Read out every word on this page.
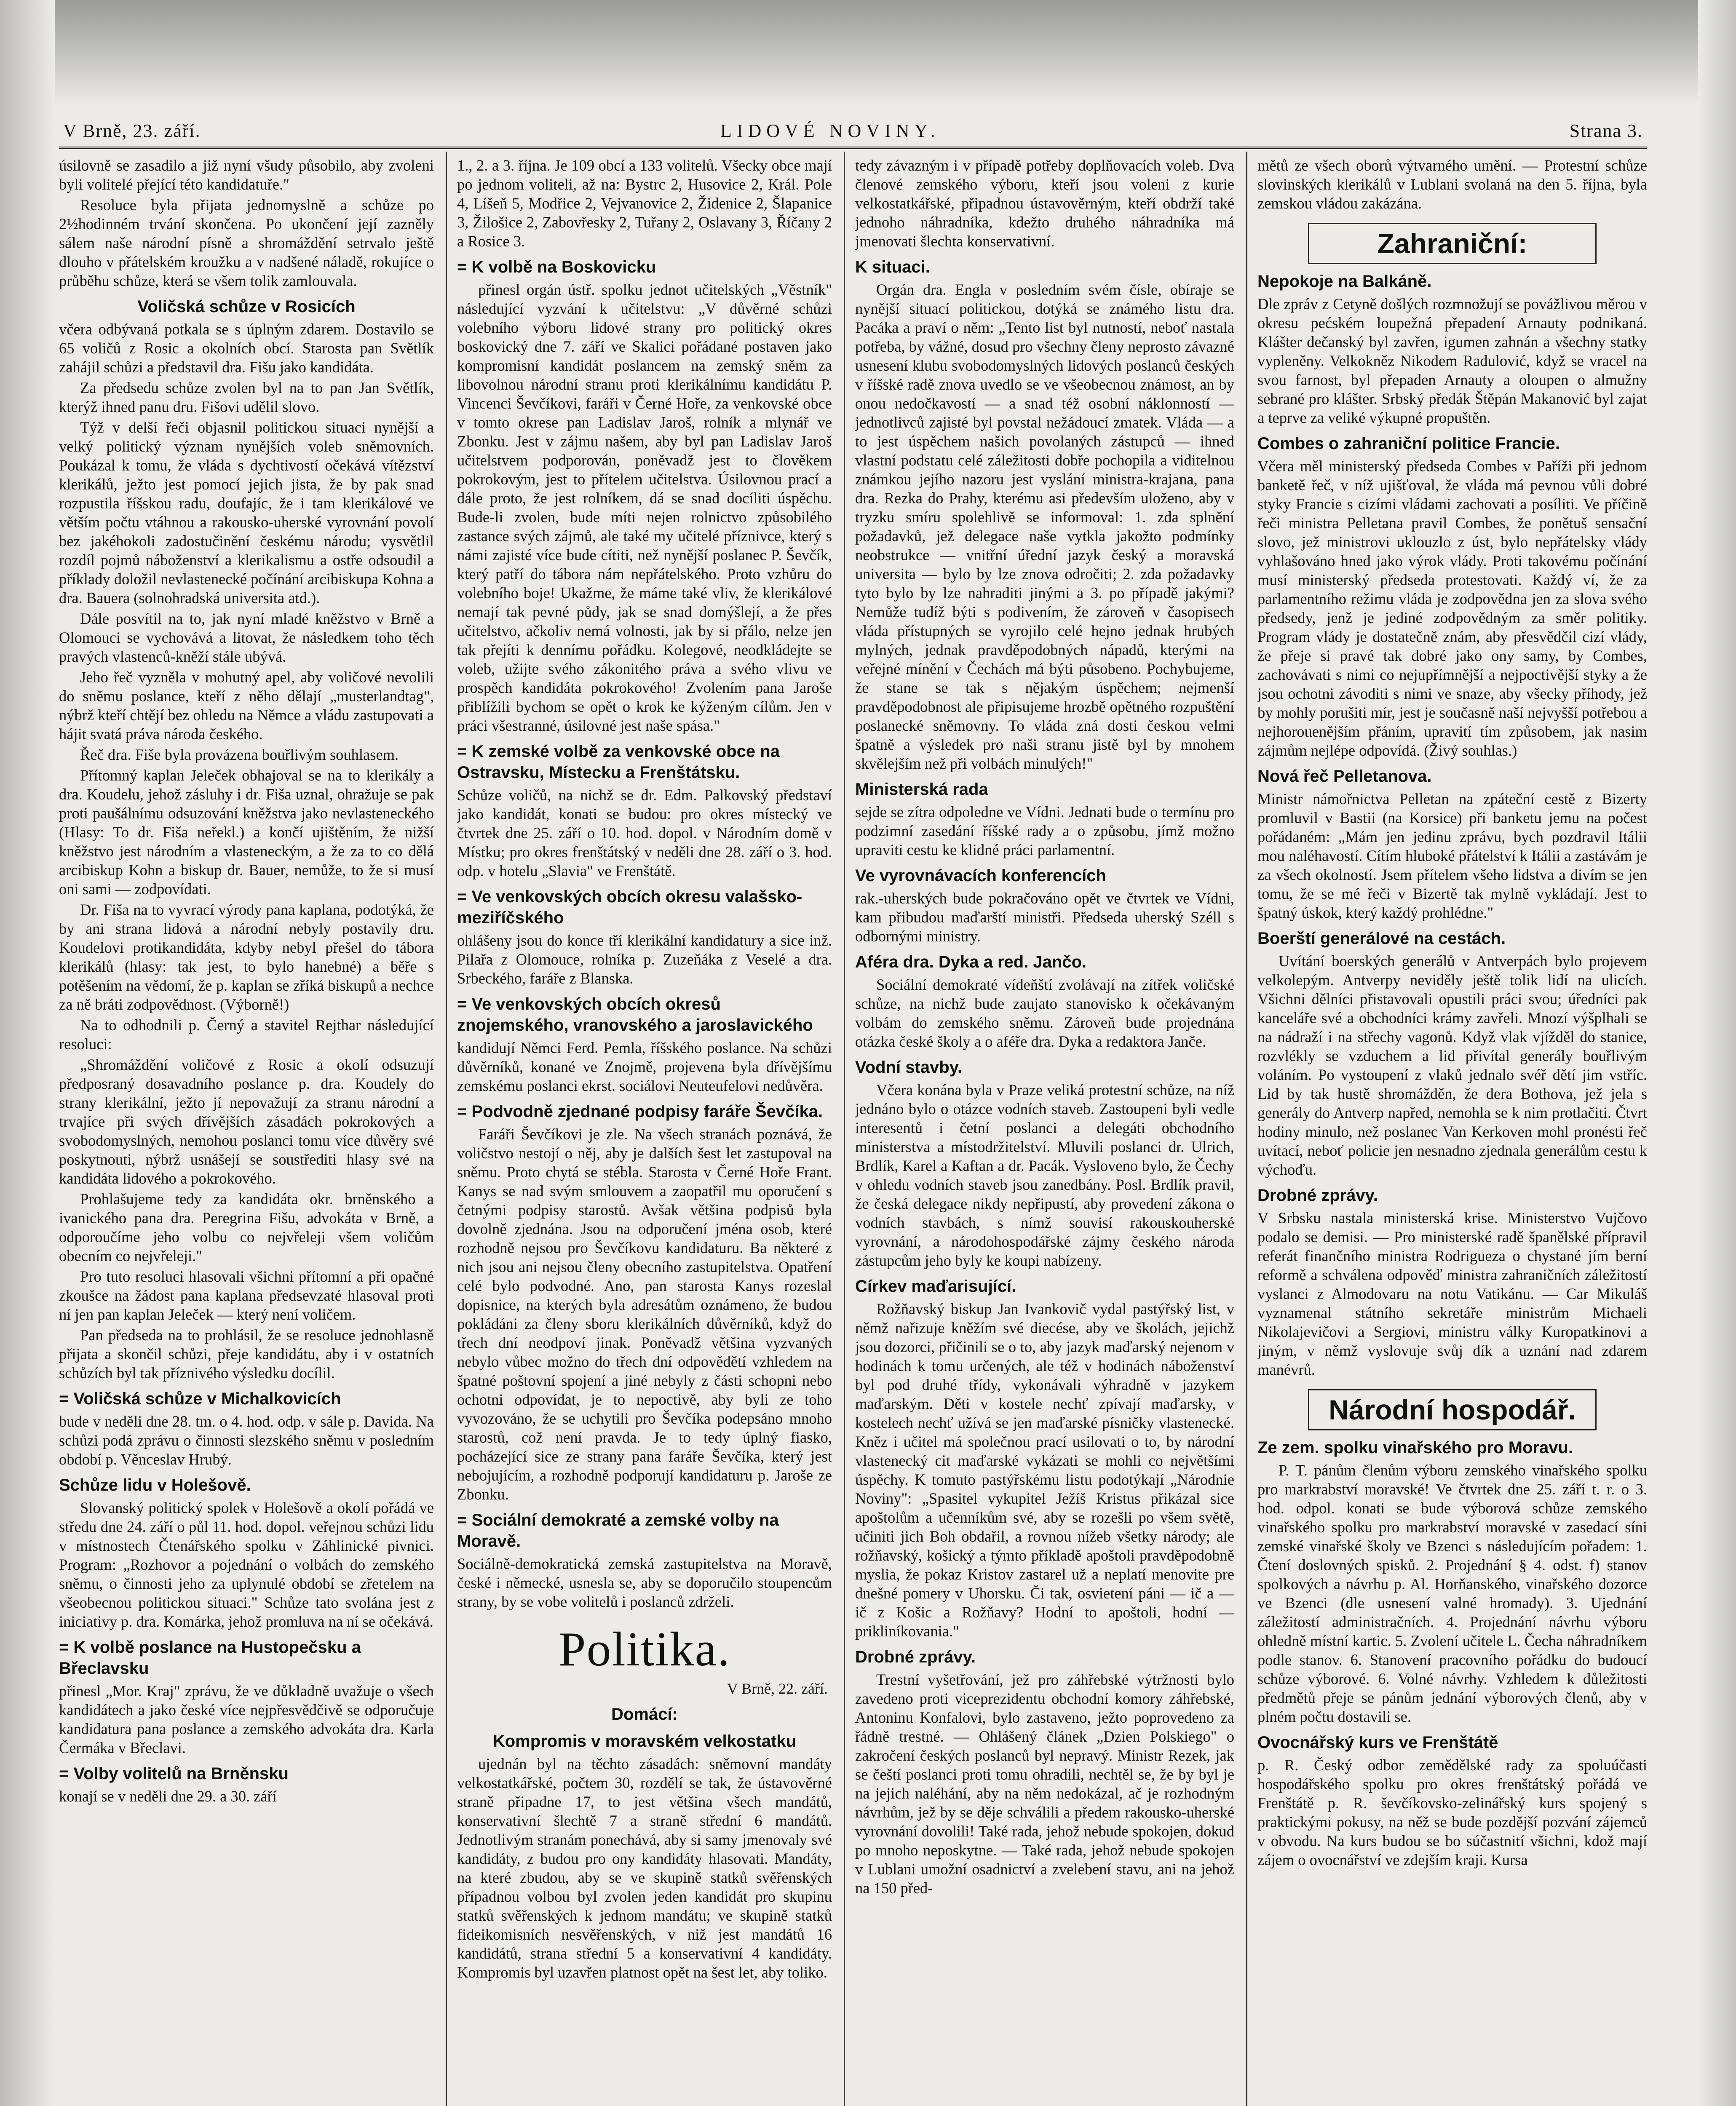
V Brně, 23. září.	LIDOVÉ NOVINY.	Strana 3.
úsilovně se zasadilo a již nyní všudy působilo, aby zvoleni byli volitelé přející této kandidatuře."
Resoluce byla přijata jednomyslně a schůze po 2½hodinném trvání skončena. Po ukončení její zazněly sálem naše národní písně a shromáždění setrvalo ještě dlouho v přátelském kroužku a v nadšené náladě, rokujíce o průběhu schůze, která se všem tolik zamlouvala.
Voličská schůze v Rosicích
včera odbývaná potkala se s úplným zdarem. Dostavilo se 65 voličů z Rosic a okolních obcí. Starosta pan Světlík zahájil schůzi a představil dra. Fišu jako kandidáta.
Za předsedu schůze zvolen byl na to pan Jan Světlík, kterýž ihned panu dru. Fišovi udělil slovo.
Týž v delší řeči objasnil politickou situaci nynější a velký politický význam nynějších voleb sněmovních. Poukázal k tomu, že vláda s dychtivostí očekává vítězství klerikálů, ježto jest pomocí jejich jista, že by pak snad rozpustila říšskou radu, doufajíc, že i tam klerikálové ve větším počtu vtáhnou a rakousko-uherské vyrovnání povolí bez jakéhokoli zadostučinění českému národu; vysvětlil rozdíl pojmů náboženství a klerikalismu a ostře odsoudil a příklady doložil nevlastenecké počínání arcibiskupa Kohna a dra. Bauera (solnohradská universita atd.).
Dále posvítil na to, jak nyní mladé kněžstvo v Brně a Olomouci se vychovává a litovat, že následkem toho těch pravých vlastenců-kněží stále ubývá.
Jeho řeč vyzněla v mohutný apel, aby voličové nevolili do sněmu poslance, kteří z něho dělají „musterlandtag", nýbrž kteří chtějí bez ohledu na Němce a vládu zastupovati a hájit svatá práva národa českého.
Řeč dra. Fiše byla provázena bouřlivým souhlasem.
Přítomný kaplan Jeleček obhajoval se na to klerikály a dra. Koudelu, jehož zásluhy i dr. Fiša uznal, ohražuje se pak proti paušálnímu odsuzování kněžstva jako nevlasteneckého (Hlasy: To dr. Fiša neřekl.) a končí ujištěním, že nižší kněžstvo jest národním a vlasteneckým, a že za to co dělá arcibiskup Kohn a biskup dr. Bauer, nemůže, to že si musí oni sami — zodpovídati.
Dr. Fiša na to vyvrací výrody pana kaplana, podotýká, že by ani strana lidová a národní nebyly postavily dru. Koudelovi protikandidáta, kdyby nebyl přešel do tábora klerikálů (hlasy: tak jest, to bylo hanebné) a běře s potěšením na vědomí, že p. kaplan se zříká biskupů a nechce za ně bráti zodpovědnost. (Výborně!)
Na to odhodnili p. Černý a stavitel Rejthar následující resoluci:
„Shromáždění voličové z Rosic a okolí odsuzují předposraný dosavadního poslance p. dra. Koudely do strany klerikální, ježto jí nepovažují za stranu národní a trvajíce při svých dřívějších zásadách pokrokových a svobodomyslných, nemohou poslanci tomu více důvěry své poskytnouti, nýbrž usnášejí se soustřediti hlasy své na kandidáta lidového a pokrokového.
Prohlašujeme tedy za kandidáta okr. brněnského a ivanického pana dra. Peregrina Fišu, advokáta v Brně, a odporoučíme jeho volbu co nejvřeleji všem voličům obecním co nejvřeleji."
Pro tuto resoluci hlasovali všichni přítomní a při opačné zkoušce na žádost pana kaplana předsevzaté hlasoval proti ní jen pan kaplan Jeleček — který není voličem.
Pan předseda na to prohlásil, že se resoluce jednohlasně přijata a skončil schůzi, přeje kandidátu, aby i v ostatních schůzích byl tak příznivého výsledku docílil.
= Voličská schůze v Michalkovicích
bude v neděli dne 28. tm. o 4. hod. odp. v sále p. Davida. Na schůzi podá zprávu o činnosti slezského sněmu v posledním období p. Věnceslav Hrubý.
Schůze lidu v Holešově.
Slovanský politický spolek v Holešově a okolí pořádá ve středu dne 24. září o půl 11. hod. dopol. veřejnou schůzi lidu v místnostech Čtenářského spolku v Záhlinické pivnici. Program: „Rozhovor a pojednání o volbách do zemského sněmu, o činnosti jeho za uplynulé období se zřetelem na všeobecnou politickou situaci." Schůze tato svolána jest z iniciativy p. dra. Komárka, jehož promluva na ní se očekává.
= K volbě poslance na Hustopečsku a Břeclavsku
přinesl „Mor. Kraj" zprávu, že ve důkladně uvažuje o všech kandidátech a jako české více nejpřesvědčivě se odporučuje kandidatura pana poslance a zemského advokáta dra. Karla Čermáka v Břeclavi.
= Volby volitelů na Brněnsku
konají se v neděli dne 29. a 30. září
1., 2. a 3. října. Je 109 obcí a 133 volitelů. Všecky obce mají po jednom voliteli, až na: Bystrc 2, Husovice 2, Král. Pole 4, Líšeň 5, Modřice 2, Vejvanovice 2, Židenice 2, Šlapanice 3, Žilošice 2, Zabovřesky 2, Tuřany 2, Oslavany 3, Říčany 2 a Rosice 3.
= K volbě na Boskovicku
přinesl orgán ústř. spolku jednot učitelských „Věstník" následující vyzvání k učitelstvu: „V důvěrné schůzi volebního výboru lidové strany pro politický okres boskovický dne 7. září ve Skalici pořádané postaven jako kompromisní kandidát poslancem na zemský sněm za libovolnou národní stranu proti klerikálnímu kandidátu P. Vincenci Ševčíkovi, faráři v Černé Hoře, za venkovské obce v tomto okrese pan Ladislav Jaroš, rolník a mlynář ve Zbonku. Jest v zájmu našem, aby byl pan Ladislav Jaroš učitelstvem podporován, poněvadž jest to člověkem pokrokovým, jest to přítelem učitelstva. Úsilovnou prací a dále proto, že jest rolníkem, dá se snad docíliti úspěchu. Bude-li zvolen, bude míti nejen rolnictvo způsobilého zastance svých zájmů, ale také my učitelé příznivce, který s námi zajisté více bude cítiti, než nynější poslanec P. Ševčík, který patří do tábora nám nepřátelského. Proto vzhůru do volebního boje! Ukažme, že máme také vliv, že klerikálové nemají tak pevné půdy, jak se snad domýšlejí, a že přes učitelstvo, ačkoliv nemá volnosti, jak by si přálo, nelze jen tak přejíti k dennímu pořádku. Kolegové, neodkládejte se voleb, užijte svého zákonitého práva a svého vlivu ve prospěch kandidáta pokrokového! Zvolením pana Jaroše přiblížili bychom se opět o krok ke kýženým cílům. Jen v práci všestranné, úsilovné jest naše spása."
= K zemské volbě za venkovské obce na Ostravsku, Místecku a Frenštátsku.
Schůze voličů, na nichž se dr. Edm. Palkovský představí jako kandidát, konati se budou: pro okres místecký ve čtvrtek dne 25. září o 10. hod. dopol. v Národním domě v Místku; pro okres frenštátský v neděli dne 28. září o 3. hod. odp. v hotelu „Slavia" ve Frenštátě.
= Ve venkovských obcích okresu valašsko-meziříčského
ohlášeny jsou do konce tří klerikální kandidatury a sice inž. Pilařa z Olomouce, rolníka p. Zuzeňáka z Veselé a dra. Srbeckého, faráře z Blanska.
= Ve venkovských obcích okresů znojemského, vranovského a jaroslavického
kandidují Němci Ferd. Pemla, říšského poslance. Na schůzi důvěrníků, konané ve Znojmě, projevena byla dřívějšímu zemskému poslanci ekrst. sociálovi Neuteufelovi nedůvěra.
= Podvodně zjednané podpisy faráře Ševčíka.
Faráři Ševčíkovi je zle. Na všech stranách poznává, že voličstvo nestojí o něj, aby je dalších šest let zastupoval na sněmu. Proto chytá se stébla. Starosta v Černé Hoře Frant. Kanys se nad svým smlouvem a zaopatřil mu oporučení s četnými podpisy starostů. Avšak většina podpisů byla dovolně zjednána. Jsou na odporučení jména osob, které rozhodně nejsou pro Ševčíkovu kandidaturu. Ba některé z nich jsou ani nejsou členy obecního zastupitelstva. Opatření celé bylo podvodné. Ano, pan starosta Kanys rozeslal dopisnice, na kterých byla adresátům oznámeno, že budou pokládáni za členy sboru klerikálních důvěrníků, když do třech dní neodpoví jinak. Poněvadž většina vyzvaných nebylo vůbec možno do třech dní odpovědětí vzhledem na špatné poštovní spojení a jiné nebyly z části schopni nebo ochotni odpovídat, je to nepoctivě, aby byli ze toho vyvozováno, že se uchytili pro Ševčíka podepsáno mnoho starostů, což není pravda. Je to tedy úplný fiasko, pocházející sice ze strany pana faráře Ševčíka, který jest nebojujícím, a rozhodně podporují kandidaturu p. Jaroše ze Zbonku.
= Sociální demokraté a zemské volby na Moravě.
Sociálně-demokratická zemská zastupitelstva na Moravě, české i německé, usnesla se, aby se doporučilo stoupencům strany, by se vobe volitelů i poslanců zdrželi.
Politika.
V Brně, 22. září.
Domácí:
Kompromis v moravském velkostatku
ujednán byl na těchto zásadách: sněmovní mandáty velkostatkářské, počtem 30, rozdělí se tak, že ústavověrné straně připadne 17, to jest většina všech mandátů, konservativní šlechtě 7 a straně střední 6 mandátů. Jednotlivým stranám ponechává, aby si samy jmenovaly své kandidáty, z budou pro ony kandidáty hlasovati. Mandáty, na které zbudou, aby se ve skupině statků svěřenských případnou volbou byl zvolen jeden kandidát pro skupinu statků svěřenských k jednom mandátu; ve skupině statků fideikomisních nesvěřenských, v niž jest mandátů 16 kandidátů, strana střední 5 a konservativní 4 kandidáty. Kompromis byl uzavřen platnost opět na šest let, aby toliko.
tedy závazným i v případě potřeby doplňovacích voleb. Dva členové zemského výboru, kteří jsou voleni z kurie velkostatkářské, připadnou ústavověrným, kteří obdrží také jednoho náhradníka, kdežto druhého náhradníka má jmenovati šlechta konservativní.
K situaci.
Orgán dra. Engla v posledním svém čísle, obíraje se nynější situací politickou, dotýká se známého listu dra. Pacáka a praví o něm: „Tento list byl nutností, neboť nastala potřeba, by vážné, dosud pro všechny členy neprosto závazné usnesení klubu svobodomyslných lidových poslanců českých v říšské radě znova uvedlo se ve všeobecnou známost, an by onou nedočkavostí — a snad též osobní náklonností — jednotlivců zajisté byl povstal nežádoucí zmatek. Vláda — a to jest úspěchem našich povolaných zástupců — ihned vlastní podstatu celé záležitosti dobře pochopila a viditelnou známkou jejího nazoru jest vyslání ministra-krajana, pana dra. Rezka do Prahy, kterému asi především uloženo, aby v tryzku smíru spolehlivě se informoval: 1. zda splnění požadavků, jež delegace naše vytkla jakožto podmínky neobstrukce — vnitřní úřední jazyk český a moravská universita — bylo by lze znova odročiti; 2. zda požadavky tyto bylo by lze nahraditi jinými a 3. po případě jakými? Nemůže tudíž býti s podivením, že zároveň v časopisech vláda přístupných se vyrojilo celé hejno jednak hrubých mylných, jednak pravděpodobných nápadů, kterými na veřejné mínění v Čechách má býti působeno. Pochybujeme, že stane se tak s nějakým úspěchem; nejmenší pravděpodobnost ale připisujeme hrozbě opětného rozpuštění poslanecké sněmovny. To vláda zná dosti českou velmi špatně a výsledek pro naši stranu jistě byl by mnohem skvělejším než při volbách minulých!"
Ministerská rada
sejde se zítra odpoledne ve Vídni. Jednati bude o termínu pro podzimní zasedání říšské rady a o způsobu, jímž možno upraviti cestu ke klidné práci parlamentní.
Ve vyrovnávacích konferencích
rak.-uherských bude pokračováno opět ve čtvrtek ve Vídni, kam přibudou maďarští ministři. Předseda uherský Széll s odbornými ministry.
Aféra dra. Dyka a red. Jančo.
Sociální demokraté vídeňští zvolávají na zítřek voličské schůze, na nichž bude zaujato stanovisko k očekávaným volbám do zemského sněmu. Zároveň bude projednána otázka české školy a o aféře dra. Dyka a redaktora Janče.
Vodní stavby.
Včera konána byla v Praze veliká protestní schůze, na níž jednáno bylo o otázce vodních staveb. Zastoupeni byli vedle interesentů i četní poslanci a delegáti obchodního ministerstva a místodržitelství. Mluvili poslanci dr. Ulrich, Brdlík, Karel a Kaftan a dr. Pacák. Vysloveno bylo, že Čechy v ohledu vodních staveb jsou zanedbány. Posl. Brdlík pravil, že česká delegace nikdy nepřipustí, aby provedení zákona o vodních stavbách, s nímž souvisí rakouskouherské vyrovnání, a národohospodářské zájmy českého národa zástupcům jeho byly ke koupi nabízeny.
Církev maďarisující.
Rožňavský biskup Jan Ivankovič vydal pastýřský list, v němž nařizuje kněžím své diecése, aby ve školách, jejichž jsou dozorci, přičinili se o to, aby jazyk maďarský nejenom v hodinách k tomu určených, ale též v hodinách náboženství byl pod druhé třídy, vykonávali výhradně v jazykem maďarským. Děti v kostele nechť zpívají maďarsky, v kostelech nechť užívá se jen maďarské písničky vlastenecké. Kněz i učitel má společnou prací usilovati o to, by národní vlastenecký cit maďarské vykázati se mohli co největšími úspěchy. K tomuto pastýřskému listu podotýkají „Národnie Noviny": „Spasitel vykupitel Ježíš Kristus přikázal sice apoštolům a učenníkům své, aby se rozešli po všem světě, učiniti jich Boh obdařil, a rovnou nížeb všetky národy; ale rožňavský, košický a týmto příkladě apoštoli pravděpodobně myslia, že pokaz Kristov zastarel už a neplatí menovite pre dnešné pomery v Uhorsku. Či tak, osvietení páni — ič a — ič z Košic a Rožňavy? Hodní to apoštoli, hodní — prikliníkovania."
Drobné zprávy.
Trestní vyšetřování, jež pro záhřebské výtržnosti bylo zavedeno proti viceprezidentu obchodní komory záhřebské, Antoninu Konfalovi, bylo zastaveno, ježto poprovedeno za řádně trestné. — Ohlášený článek „Dzien Polskiego" o zakročení českých poslanců byl nepravý. Ministr Rezek, jak se čeští poslanci proti tomu ohradili, nechtěl se, že by byl je na jejich naléhání, aby na něm nedokázal, ač je rozhodným návrhům, jež by se děje schválili a předem rakousko-uherské vyrovnání dovolili! Také rada, jehož nebude spokojen, dokud po mnoho neposkytne. — Také rada, jehož nebude spokojen v Lublani umožní osadnictví a zvelebení stavu, ani na jehož na 150 před-
mětů ze všech oborů výtvarného umění. — Protestní schůze slovinských klerikálů v Lublani svolaná na den 5. října, byla zemskou vládou zakázána.
Zahraniční:
Nepokoje na Balkáně.
Dle zpráv z Cetyně došlých rozmnožují se povážlivou měrou v okresu pećském loupežná přepadení Arnauty podnikaná. Klášter dečanský byl zavřen, igumen zahnán a všechny statky vypleněny. Velkokněz Nikodem Radulović, když se vracel na svou farnost, byl přepaden Arnauty a oloupen o almužny sebrané pro klášter. Srbský předák Štěpán Makanović byl zajat a teprve za veliké výkupné propuštěn.
Combes o zahraniční politice Francie.
Včera měl ministerský předseda Combes v Paříži při jednom banketě řeč, v níž ujišťoval, že vláda má pevnou vůli dobré styky Francie s cizími vládami zachovati a posíliti. Ve příčině řeči ministra Pelletana pravil Combes, že ponětuš sensační slovo, jež ministrovi uklouzlo z úst, bylo nepřátelsky vlády vyhlašováno hned jako výrok vlády. Proti takovému počínání musí ministerský předseda protestovati. Každý ví, že za parlamentního režimu vláda je zodpovědna jen za slova svého předsedy, jenž je jediné zodpovědným za směr politiky. Program vlády je dostatečně znám, aby přesvědčil cizí vlády, že přeje si pravé tak dobré jako ony samy, by Combes, zachovávati s nimi co nejupřímnější a nejpoctivější styky a že jsou ochotni závoditi s nimi ve snaze, aby všecky příhody, jež by mohly porušiti mír, jest je současně naší nejvyšší potřebou a nejhorouenějším přáním, upravití tím způsobem, jak nasim zájmům nejlépe odpovídá. (Živý souhlas.)
Nová řeč Pelletanova.
Ministr námořnictva Pelletan na zpáteční cestě z Bizerty promluvil v Bastii (na Korsice) při banketu jemu na počest pořádaném: „Mám jen jedinu zprávu, bych pozdravil Itálii mou naléhavostí. Cítím hluboké přátelství k Itálii a zastávám je za všech okolností. Jsem přítelem všeho lidstva a divím se jen tomu, že se mé řeči v Bizertě tak mylně vykládají. Jest to špatný úskok, který každý prohlédne."
Boerští generálové na cestách.
Uvítání boerských generálů v Antverpách bylo projevem velkolepým. Antverpy neviděly ještě tolik lidí na ulicích. Všichni dělníci přistavovali opustili práci svou; úředníci pak kanceláře své a obchodníci krámy zavřeli. Mnozí výšplhali se na nádraží i na střechy vagonů. Když vlak vjížděl do stanice, rozvlékly se vzduchem a lid přivítal generály bouřlivým voláním. Po vystoupení z vlaků jednalo svéř dětí jim vstříc. Lid by tak hustě shromážděn, že dera Bothova, jež jela s generály do Antverp napřed, nemohla se k nim protlačiti. Čtvrt hodiny minulo, než poslanec Van Kerkoven mohl pronésti řeč uvítací, neboť policie jen nesnadno zjednala generálům cestu k výchoďu.
Drobné zprávy.
V Srbsku nastala ministerská krise. Ministerstvo Vujčovo podalo se demisi. — Pro ministerské radě španělské přípravil referát finančního ministra Rodrigueza o chystané jím berní reformě a schválena odpověď ministra zahraničních záležitostí vyslanci z Almodovaru na notu Vatikánu. — Car Mikuláš vyznamenal státního sekretáře ministrům Michaeli Nikolajevičovi a Sergiovi, ministru války Kuropatkinovi a jiným, v němž vyslovuje svůj dík a uznání nad zdarem manévrů.
Národní hospodář.
Ze zem. spolku vinařského pro Moravu.
P. T. pánům členům výboru zemského vinařského spolku pro markrabství moravské! Ve čtvrtek dne 25. září t. r. o 3. hod. odpol. konati se bude výborová schůze zemského vinařského spolku pro markrabství moravské v zasedací síni zemské vinařské školy ve Bzenci s následujícím pořadem: 1. Čtení doslovných spisků. 2. Projednání § 4. odst. f) stanov spolkových a návrhu p. Al. Horňanského, vinařského dozorce ve Bzenci (dle usnesení valné hromady). 3. Ujednání záležitostí administračních. 4. Projednání návrhu výboru ohledně místní kartic. 5. Zvolení učitele L. Čecha náhradníkem podle stanov. 6. Stanovení pracovního pořádku do budoucí schůze výborové. 6. Volné návrhy. Vzhledem k důležitosti předmětů přeje se pánům jednání výborových členů, aby v plném počtu dostavili se.
Ovocnářský kurs ve Frenštátě
p. R. Český odbor zemědělské rady za spoluúčasti hospodářského spolku pro okres frenštátský pořádá ve Frenštátě p. R. ševčíkovsko-zelinářský kurs spojený s praktickými pokusy, na něž se bude pozdější pozvání zájemců v obvodu. Na kurs budou se bo súčastnití všichni, kdož mají zájem o ovocnářství ve zdejším kraji. Kursa
